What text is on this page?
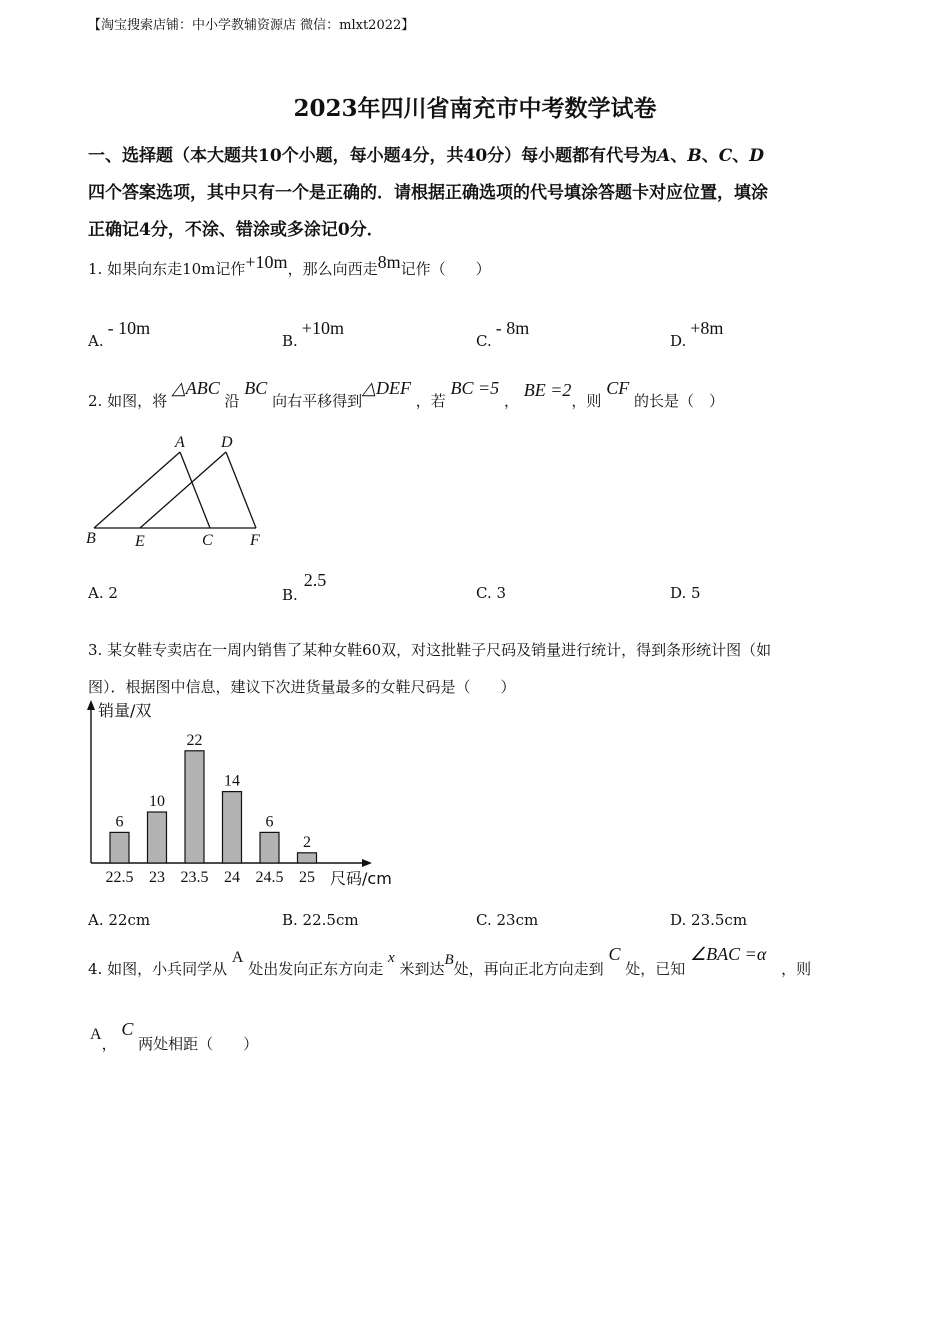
【淘宝搜索店铺：中小学教辅资源店 微信：mlxt2022】
2023年四川省南充市中考数学试卷
一、选择题（本大题共10个小题，每小题4分，共40分）每小题都有代号为A、B、C、D
四个答案选项，其中只有一个是正确的．请根据正确选项的代号填涂答题卡对应位置，填涂
正确记4分，不涂、错涂或多涂记0分．
1. 如果向东走10m记作+10m，那么向西走8m记作（　　）
A.- 10m
B.+10m
C.- 8m
D.+8m
2. 如图，将 △ABC 沿 BC 向右平移得到△DEF ，若 BC =5 ， BE =2，则 CF 的长是（　）
A D
B E	C F
A. 2	B.2.5
C. 3	D. 5
3. 某女鞋专卖店在一周内销售了某种女鞋60双，对这批鞋子尺码及销量进行统计，得到条形统计图（如
图）．根据图中信息，建议下次进货量最多的女鞋尺码是（　　）
销量/双
尺码/cm
6
22.5
10
23
22
23.5
14
24
6
24.5
2
25
A. 22cm	B. 22.5cm	C. 23cm	D. 23.5cm
4. 如图，小兵同学从 A 处出发向正东方向走 x 米到达B处，再向正北方向走到 C 处，已知 ∠BAC =α ，则
A， C 两处相距（　　）
